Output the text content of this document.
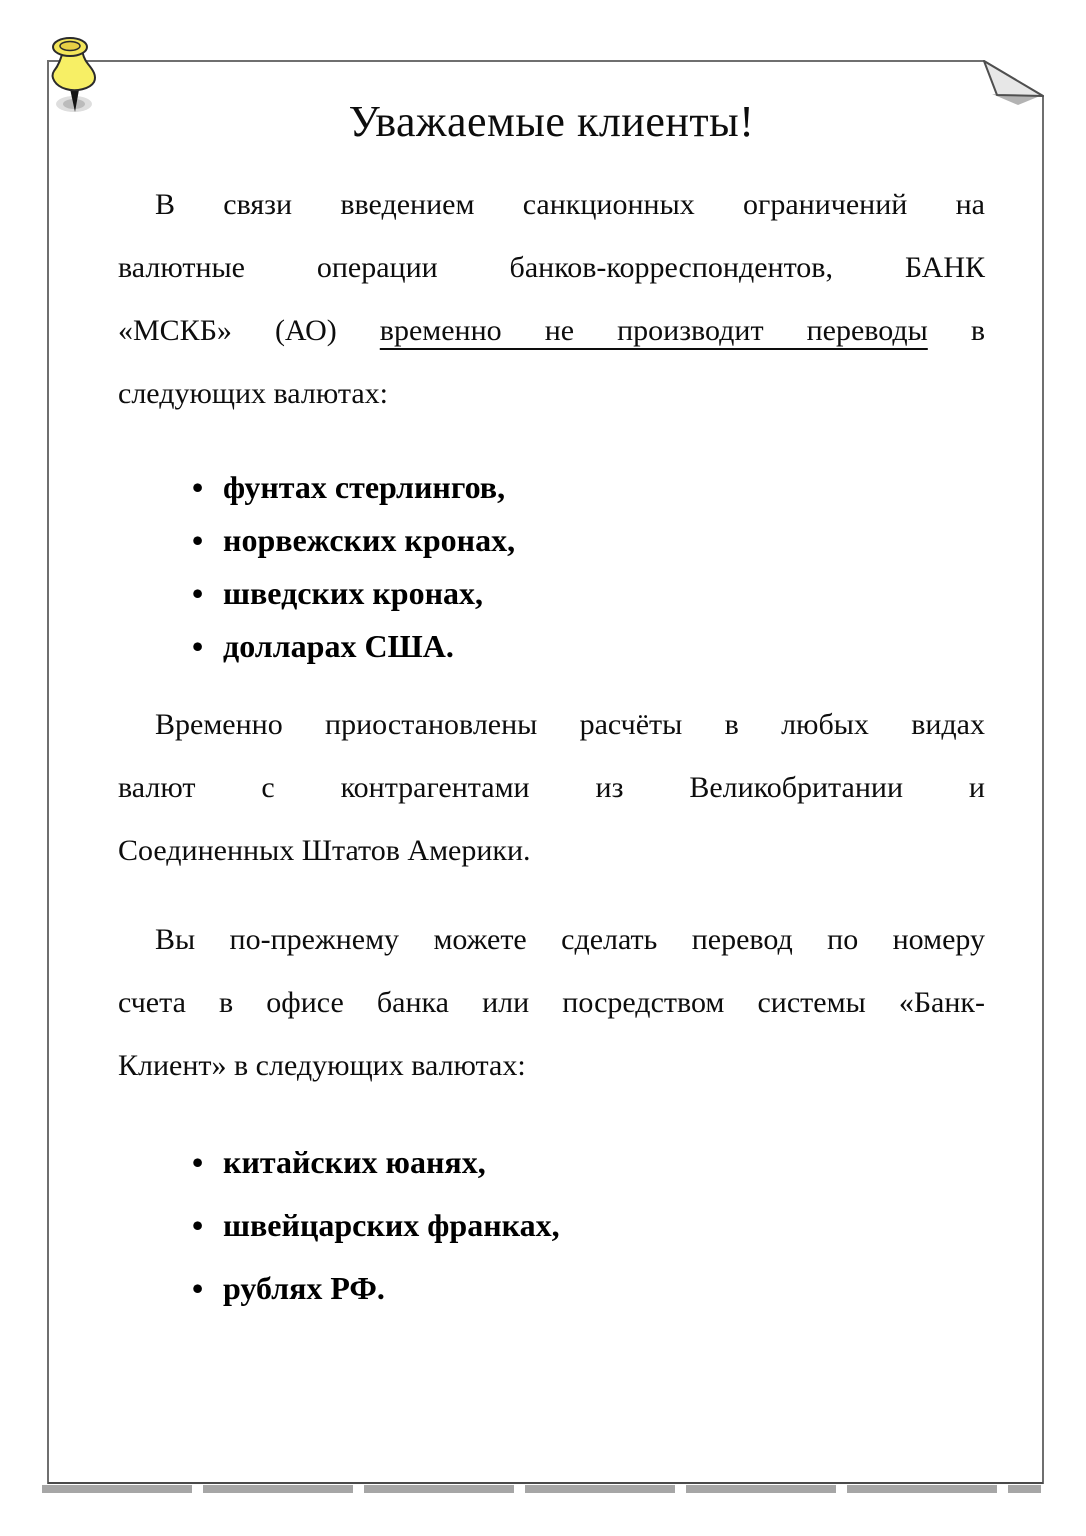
Уважаемые клиенты!
В связи введением санкционных ограничений на
валютные операции банков-корреспондентов, БАНК
«МСКБ» (АО) временно не производит переводы в
следующих валютах:
• фунтах стерлингов,
• норвежских кронах,
• шведских кронах,
• долларах США.
Временно приостановлены расчёты в любых видах
валют с контрагентами из Великобритании и
Соединенных Штатов Америки.
Вы по-прежнему можете сделать перевод по номеру
счета в офисе банка или посредством системы «Банк-
Клиент» в следующих валютах:
• китайских юанях,
• швейцарских франках,
• рублях РФ.
